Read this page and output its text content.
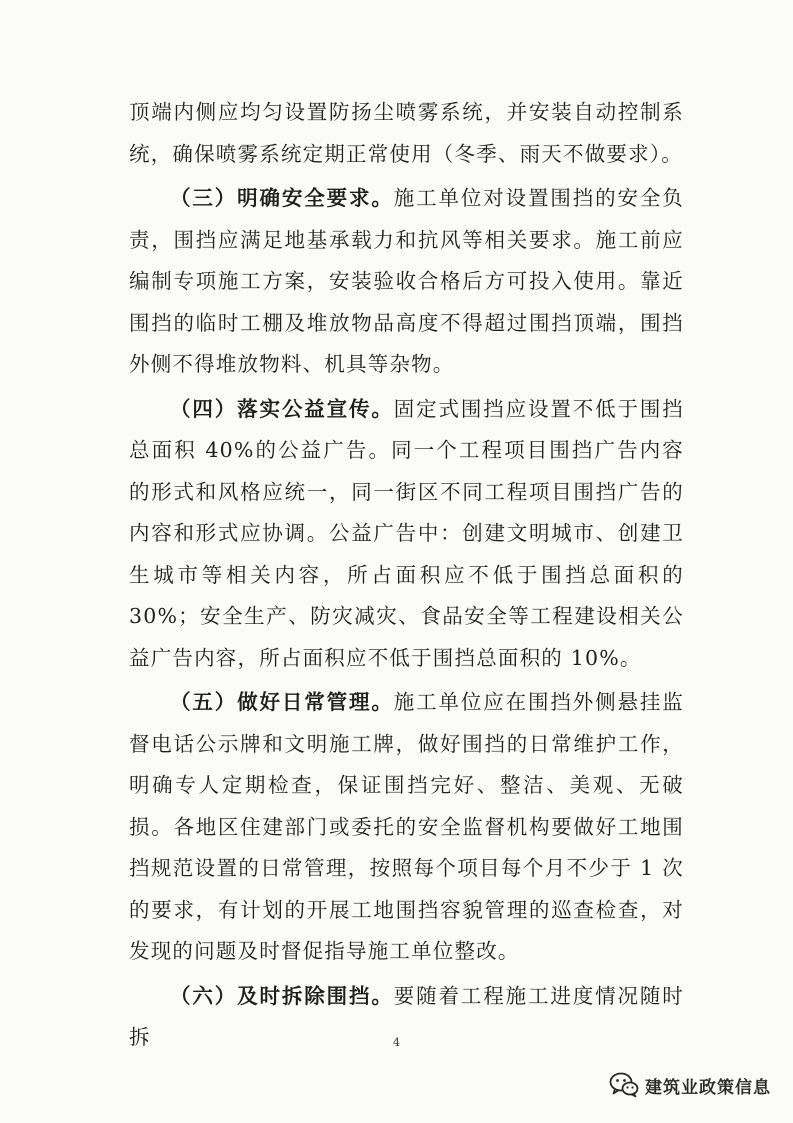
顶端内侧应均匀设置防扬尘喷雾系统，并安装自动控制系统，确保喷雾系统定期正常使用（冬季、雨天不做要求）。

（三）明确安全要求。施工单位对设置围挡的安全负责，围挡应满足地基承载力和抗风等相关要求。施工前应编制专项施工方案，安装验收合格后方可投入使用。靠近围挡的临时工棚及堆放物品高度不得超过围挡顶端，围挡外侧不得堆放物料、机具等杂物。

（四）落实公益宣传。固定式围挡应设置不低于围挡总面积 40%的公益广告。同一个工程项目围挡广告内容的形式和风格应统一，同一街区不同工程项目围挡广告的内容和形式应协调。公益广告中：创建文明城市、创建卫生城市等相关内容，所占面积应不低于围挡总面积的 30%；安全生产、防灾减灾、食品安全等工程建设相关公益广告内容，所占面积应不低于围挡总面积的 10%。

（五）做好日常管理。施工单位应在围挡外侧悬挂监督电话公示牌和文明施工牌，做好围挡的日常维护工作，明确专人定期检查，保证围挡完好、整洁、美观、无破损。各地区住建部门或委托的安全监督机构要做好工地围挡规范设置的日常管理，按照每个项目每个月不少于 1 次的要求，有计划的开展工地围挡容貌管理的巡查检查，对发现的问题及时督促指导施工单位整改。

（六）及时拆除围挡。要随着工程施工进度情况随时拆	4
建筑业政策信息
